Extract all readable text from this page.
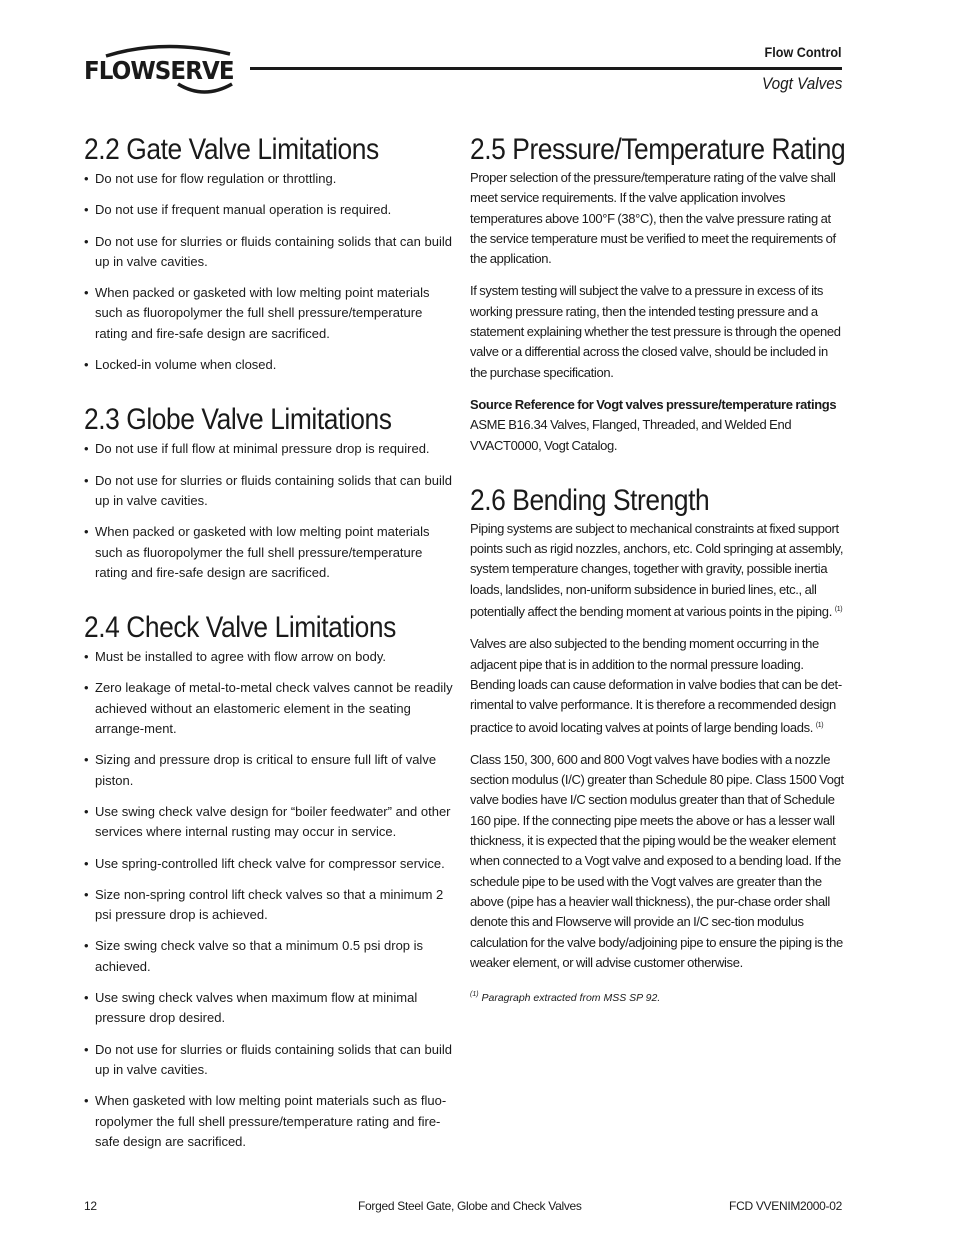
FLOWSERVE
Flow Control
Vogt Valves
2.2 Gate Valve Limitations
• Do not use for flow regulation or throttling.
• Do not use if frequent manual operation is required.
• Do not use for slurries or fluids containing solids that can build up in valve cavities.
• When packed or gasketed with low melting point materials such as fluoropolymer the full shell pressure/temperature rating and fire-safe design are sacrificed.
• Locked-in volume when closed.
2.3 Globe Valve Limitations
• Do not use if full flow at minimal pressure drop is required.
• Do not use for slurries or fluids containing solids that can build up in valve cavities.
• When packed or gasketed with low melting point materials such as fluoropolymer the full shell pressure/temperature rating and fire-safe design are sacrificed.
2.4 Check Valve Limitations
• Must be installed to agree with flow arrow on body.
• Zero leakage of metal-to-metal check valves cannot be readily achieved without an elastomeric element in the seating arrange-ment.
• Sizing and pressure drop is critical to ensure full lift of valve piston.
• Use swing check valve design for “boiler feedwater” and other services where internal rusting may occur in service.
• Use spring-controlled lift check valve for compressor service.
• Size non-spring control lift check valves so that a minimum 2 psi pressure drop is achieved.
• Size swing check valve so that a minimum 0.5 psi drop is achieved.
• Use swing check valves when maximum flow at minimal pressure drop desired.
• Do not use for slurries or fluids containing solids that can build up in valve cavities.
• When gasketed with low melting point materials such as fluo-ropolymer the full shell pressure/temperature rating and fire-safe design are sacrificed.
2.5 Pressure/Temperature Rating

Proper selection of the pressure/temperature rating of the valve shall meet service requirements. If the valve application involves temperatures above 100°F (38°C), then the valve pressure rating at the service temperature must be verified to meet the requirements of the application.

If system testing will subject the valve to a pressure in excess of its working pressure rating, then the intended testing pressure and a statement explaining whether the test pressure is through the opened valve or a differential across the closed valve, should be included in the purchase specification.

Source Reference for Vogt valves pressure/temperature ratings
ASME B16.34 Valves, Flanged, Threaded, and Welded End
VVACT0000, Vogt Catalog.

2.6 Bending Strength

Piping systems are subject to mechanical constraints at fixed support points such as rigid nozzles, anchors, etc. Cold springing at assembly, system temperature changes, together with gravity, possible inertia loads, landslides, non-uniform subsidence in buried lines, etc., all potentially affect the bending moment at various points in the piping. $^{(1)}$

Valves are also subjected to the bending moment occurring in the adjacent pipe that is in addition to the normal pressure loading. Bending loads can cause deformation in valve bodies that can be det-rimental to valve performance. It is therefore a recommended design practice to avoid locating valves at points of large bending loads. $^{(1)}$

Class 150, 300, 600 and 800 Vogt valves have bodies with a nozzle section modulus (I/C) greater than Schedule 80 pipe. Class 1500 Vogt valve bodies have I/C section modulus greater than that of Schedule 160 pipe. If the connecting pipe meets the above or has a lesser wall thickness, it is expected that the piping would be the weaker element when connected to a Vogt valve and exposed to a bending load. If the schedule pipe to be used with the Vogt valves are greater than the above (pipe has a heavier wall thickness), the pur-chase order shall denote this and Flowserve will provide an I/C sec-tion modulus calculation for the valve body/adjoining pipe to ensure the piping is the weaker element, or will advise customer otherwise.

$^{(1)}$ Paragraph extracted from MSS SP 92.

12	Forged Steel Gate, Globe and Check Valves	FCD VVENIM2000-02
